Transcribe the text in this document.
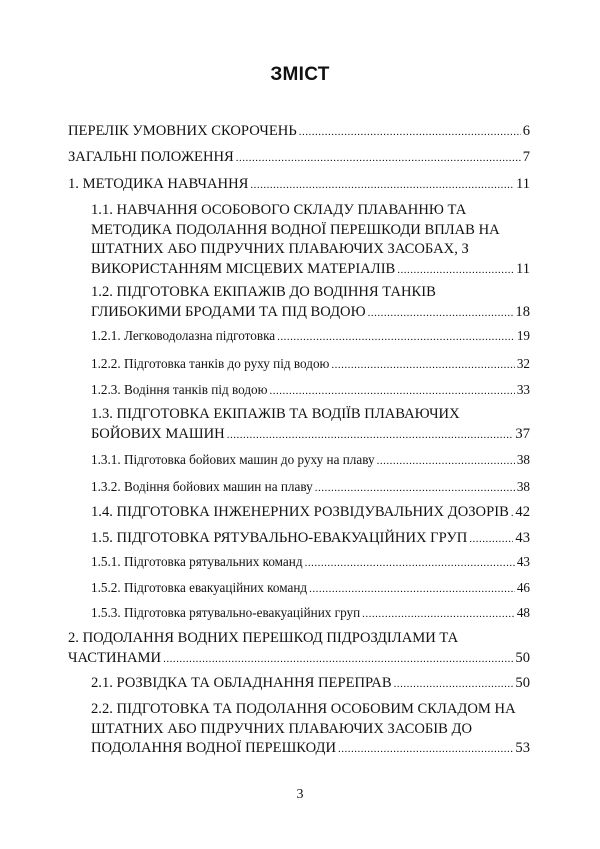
ЗМІСТ
ПЕРЕЛІК УМОВНИХ СКОРОЧЕНЬ .....	6
ЗАГАЛЬНІ ПОЛОЖЕННЯ .....	7
1. МЕТОДИКА НАВЧАННЯ .....	11
1.1. НАВЧАННЯ ОСОБОВОГО СКЛАДУ ПЛАВАННЮ ТА
МЕТОДИКА ПОДОЛАННЯ ВОДНОЇ ПЕРЕШКОДИ ВПЛАВ НА
ШТАТНИХ АБО ПІДРУЧНИХ ПЛАВАЮЧИХ ЗАСОБАХ, З
ВИКОРИСТАННЯМ МІСЦЕВИХ МАТЕРІАЛІВ .....	11
1.2. ПІДГОТОВКА ЕКІПАЖІВ ДО ВОДІННЯ ТАНКІВ
ГЛИБОКИМИ БРОДАМИ ТА ПІД ВОДОЮ .....	18
1.2.1. Легководолазна підготовка .....	19
1.2.2. Підготовка танків до руху під водою .....	32
1.2.3. Водіння танків під водою .....	33
1.3. ПІДГОТОВКА ЕКІПАЖІВ ТА ВОДІЇВ ПЛАВАЮЧИХ
БОЙОВИХ МАШИН .....	37
1.3.1. Підготовка бойових машин до руху на плаву .....	38
1.3.2. Водіння бойових машин на плаву .....	38
1.4. ПІДГОТОВКА ІНЖЕНЕРНИХ РОЗВІДУВАЛЬНИХ ДОЗОРІВ ..... 42
1.5. ПІДГОТОВКА РЯТУВАЛЬНО-ЕВАКУАЦІЙНИХ ГРУП .....	43
1.5.1. Підготовка рятувальних команд .....	43
1.5.2. Підготовка евакуаційних команд .....	46
1.5.3. Підготовка рятувально-евакуаційних груп .....	48
2. ПОДОЛАННЯ ВОДНИХ ПЕРЕШКОД ПІДРОЗДІЛАМИ ТА
ЧАСТИНАМИ .....	50
2.1. РОЗВІДКА ТА ОБЛАДНАННЯ ПЕРЕПРАВ .....	50
2.2. ПІДГОТОВКА ТА ПОДОЛАННЯ ОСОБОВИМ СКЛАДОМ НА
ШТАТНИХ АБО ПІДРУЧНИХ ПЛАВАЮЧИХ ЗАСОБІВ ДО
ПОДОЛАННЯ ВОДНОЇ ПЕРЕШКОДИ .....	53
3
